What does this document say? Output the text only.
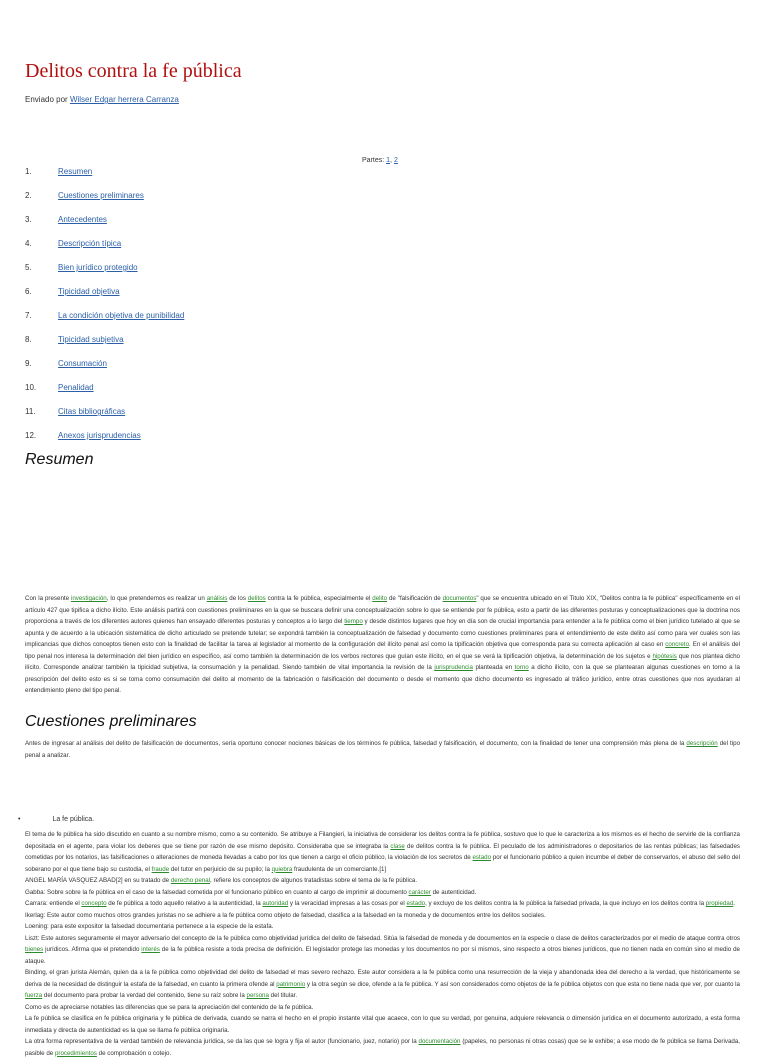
Delitos contra la fe pública
Enviado por Wilser Edgar herrera Carranza
Partes: 1, 2
1.	Resumen
2.	Cuestiones preliminares
3.	Antecedentes
4.	Descripción típica
5.	Bien jurídico protegido
6.	Tipicidad objetiva
7.	La condición objetiva de punibilidad
8.	Tipicidad subjetiva
9.	Consumación
10.	Penalidad
11.	Citas bibliográficas
12.	Anexos jurisprudencias
Resumen

Con la presente investigación, lo que pretendemos es realizar un análisis de los delitos contra la fe pública, especialmente el delito de "falsificación de documentos" que se encuentra ubicado en el Titulo XIX, "Delitos contra la fe pública" específicamente en el artículo 427 que tipifica a dicho ilícito. Este análisis partirá con cuestiones preliminares en la que se buscara definir una conceptualización sobre lo que se entiende por fe pública, esto a partir de las diferentes posturas y conceptualizaciones que la doctrina nos proporciona a través de los diferentes autores quienes han ensayado diferentes posturas y conceptos a lo largo del tiempo y desde distintos lugares que hoy en día son de crucial importancia para entender a la fe pública como el bien jurídico tutelado al que se apunta y de acuerdo a la ubicación sistemática de dicho articulado se pretende tutelar; se expondrá también la conceptualización de falsedad y documento como cuestiones preliminares para el entendimiento de este delito así como para ver cuales son las implicancias que dichos conceptos tienen esto con la finalidad de facilitar la tarea al legislador al momento de la configuración del ilícito penal así como la tipificación objetiva que corresponda para su correcta aplicación al caso en concreto. En el análisis del tipo penal nos interesa la determinación del bien jurídico en específico, así como también la determinación de los verbos rectores que guían este ilícito, en el que se verá la tipificación objetiva, la determinación de los sujetos e hipótesis que nos plantea dicho ilícito. Corresponde analizar también la tipicidad subjetiva, la consumación y la penalidad. Siendo también de vital importancia la revisión de la jurisprudencia planteada en torno a dicho ilícito, con la que se plantearan algunas cuestiones en torno a la prescripción del delito esto es si se toma como consumación del delito al momento de la fabricación o falsificación del documento o desde el momento que dicho documento es ingresado al tráfico jurídico, entre otras cuestiones que nos ayudaran al entendimiento pleno del tipo penal.

Cuestiones preliminares

Antes de ingresar al análisis del delito de falsificación de documentos, sería oportuno conocer nociones básicas de los términos fe pública, falsedad y falsificación, el documento, con la finalidad de tener una comprensión más plena de la descripción del tipo penal a analizar.

•	La fe pública.

El tema de fe pública ha sido discutido en cuanto a su nombre mismo, como a su contenido. Se atribuye a Filangieri, la iniciativa de considerar los delitos contra la fe pública, sostuvo que lo que le caracteriza a los mismos es el hecho de servirle de la confianza depositada en el agente, para violar los deberes que se tiene por razón de ese mismo depósito. Consideraba que se integraba la clase de delitos contra la fe pública. El peculado de los administradores o depositarios de las rentas públicas; las falsedades cometidas por los notarios, las falsificaciones o alteraciones de moneda llevadas a cabo por los que tienen a cargo el oficio público, la violación de los secretos de estado por el funcionario público a quien incumbe el deber de conservarlos, el abuso del sello del soberano por el que tiene bajo su custodia, el fraude del tutor en perjuicio de su pupilo; la quiebra fraudulenta de un comerciante.[1]
ANGEL MARÍA VASQUEZ ABAD[2] en su tratado de derecho penal, refiere los conceptos de algunos tratadistas sobre el tema de la fe pública.
Gabba: Sobre sobre la fe pública en el caso de la falsedad cometida por el funcionario público en cuanto al cargo de imprimir al documento carácter de autenticidad.
Carrara: entiende el concepto de fe pública a todo aquello relativo a la autenticidad, la autoridad y la veracidad impresas a las cosas por el estado, y excluyo de los delitos contra la fe pública la falsedad privada, la que incluyo en los delitos contra la propiedad.
Ikerlag: Este autor como muchos otros grandes juristas no se adhiere a la fe pública como objeto de falsedad, clasifica a la falsedad en la moneda y de documentos entre los delitos sociales.
Loening: para este expositor la falsedad documentaria pertenece a la especie de la estafa.
Liszt: Este autores seguramente el mayor adversario del concepto de la fe pública como objetividad jurídica del delito de falsedad. Sitúa la falsedad de moneda y de documentos en la especie o clase de delitos caracterizados por el medio de ataque contra otros bienes jurídicos. Afirma que el pretendido interés de la fe pública resiste a toda precisa de definición. El legislador protege las monedas y los documentos no por sí mismos, sino respecto a otros bienes jurídicos, que no tienen nada en común sino el medio de ataque.
Binding, el gran jurista Alemán, quien da a la fe pública como objetividad del delito de falsedad el mas severo rechazo. Este autor considera a la fe pública como una resurrección de la vieja y abandonada idea del derecho a la verdad, que históricamente se deriva de la necesidad de distinguir la estafa de la falsedad, en cuanto la primera ofende al patrimonio y la otra según se dice, ofende a la fe pública. Y así son considerados como objetos de la fe pública objetos con que esta no tiene nada que ver, por cuanto la fuerza del documento para probar la verdad del contenido, tiene su raíz sobre la persona del titular.
Como es de apreciarse notables las diferencias que se para la apreciación del contenido de la fe pública.
La fe pública se clasifica en fe pública originaria y fe pública de derivada, cuando se narra el hecho en el propio instante vital que acaece, con lo que su verdad, por genuina, adquiere relevancia o dimensión jurídica en el documento autorizado, a esta forma inmediata y directa de autenticidad es la que se llama fe pública originaria.
La otra forma representativa de la verdad también de relevancia jurídica, se da las que se logra y fija el autor (funcionario, juez, notario) por la documentación (papeles, no personas ni otras cosas) que se le exhibe; a ese modo de fe pública se llama Derivada, pasible de procedimientos de comprobación o cotejo.
